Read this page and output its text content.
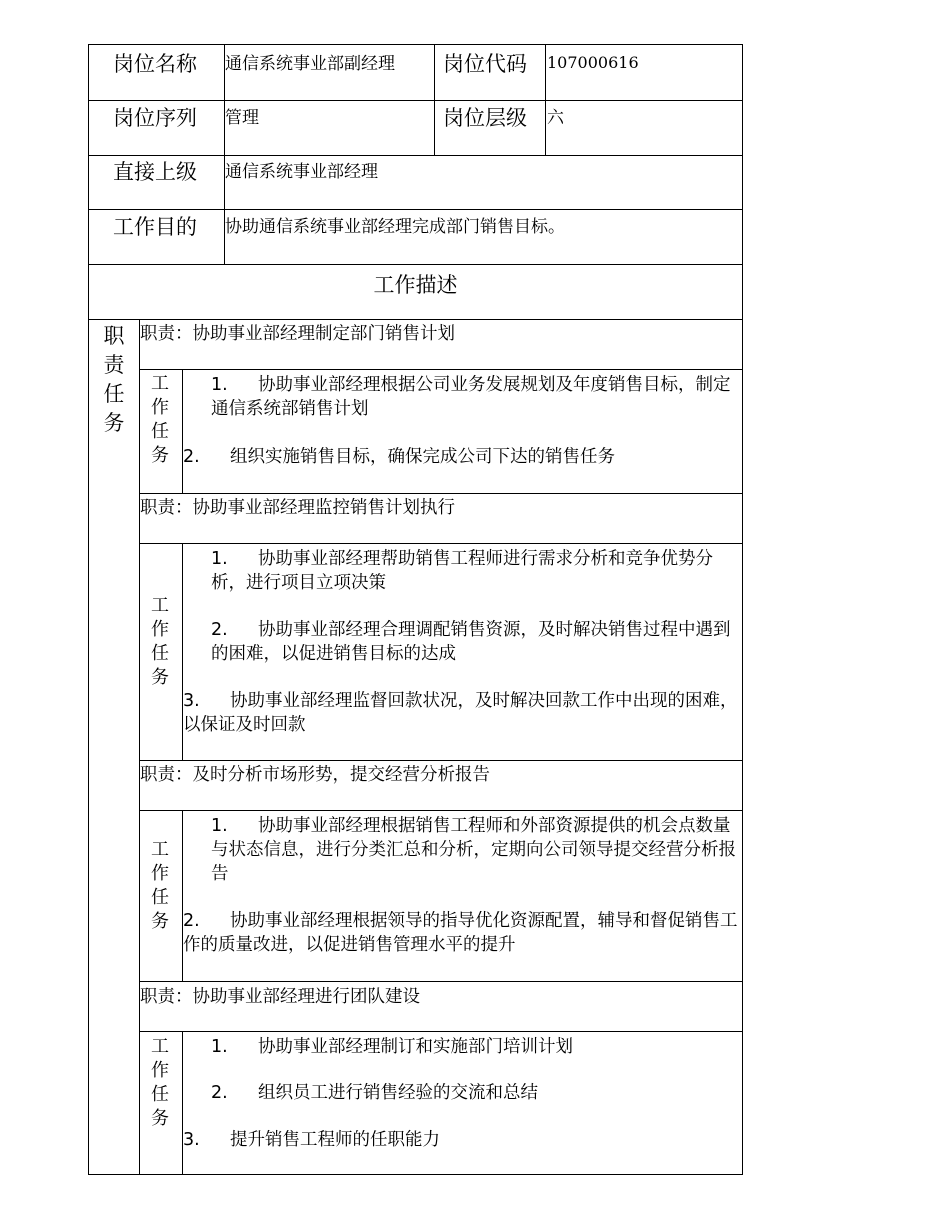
岗位名称 通信系统事业部副经理 岗位代码 107000616
岗位序列 管理	岗位层级 六
直接上级 通信系统事业部经理
工作目的 协助通信系统事业部经理完成部门销售目标。
工作描述
职
责
任
务
职责：协助事业部经理制定部门销售计划
工
作
任
务
1. 协助事业部经理根据公司业务发展规划及年度销售目标，制定通信系统部销售计划
2. 组织实施销售目标，确保完成公司下达的销售任务
职责：协助事业部经理监控销售计划执行
工
作
任
务
1. 协助事业部经理帮助销售工程师进行需求分析和竞争优势分析，进行项目立项决策
2. 协助事业部经理合理调配销售资源，及时解决销售过程中遇到的困难，以促进销售目标的达成
3. 协助事业部经理监督回款状况，及时解决回款工作中出现的困难，以保证及时回款
职责：及时分析市场形势，提交经营分析报告
工
作
任
务
1. 协助事业部经理根据销售工程师和外部资源提供的机会点数量与状态信息，进行分类汇总和分析，定期向公司领导提交经营分析报告
2. 协助事业部经理根据领导的指导优化资源配置，辅导和督促销售工作的质量改进，以促进销售管理水平的提升
职责：协助事业部经理进行团队建设
工
作
任
务
1. 协助事业部经理制订和实施部门培训计划
2. 组织员工进行销售经验的交流和总结
3. 提升销售工程师的任职能力
